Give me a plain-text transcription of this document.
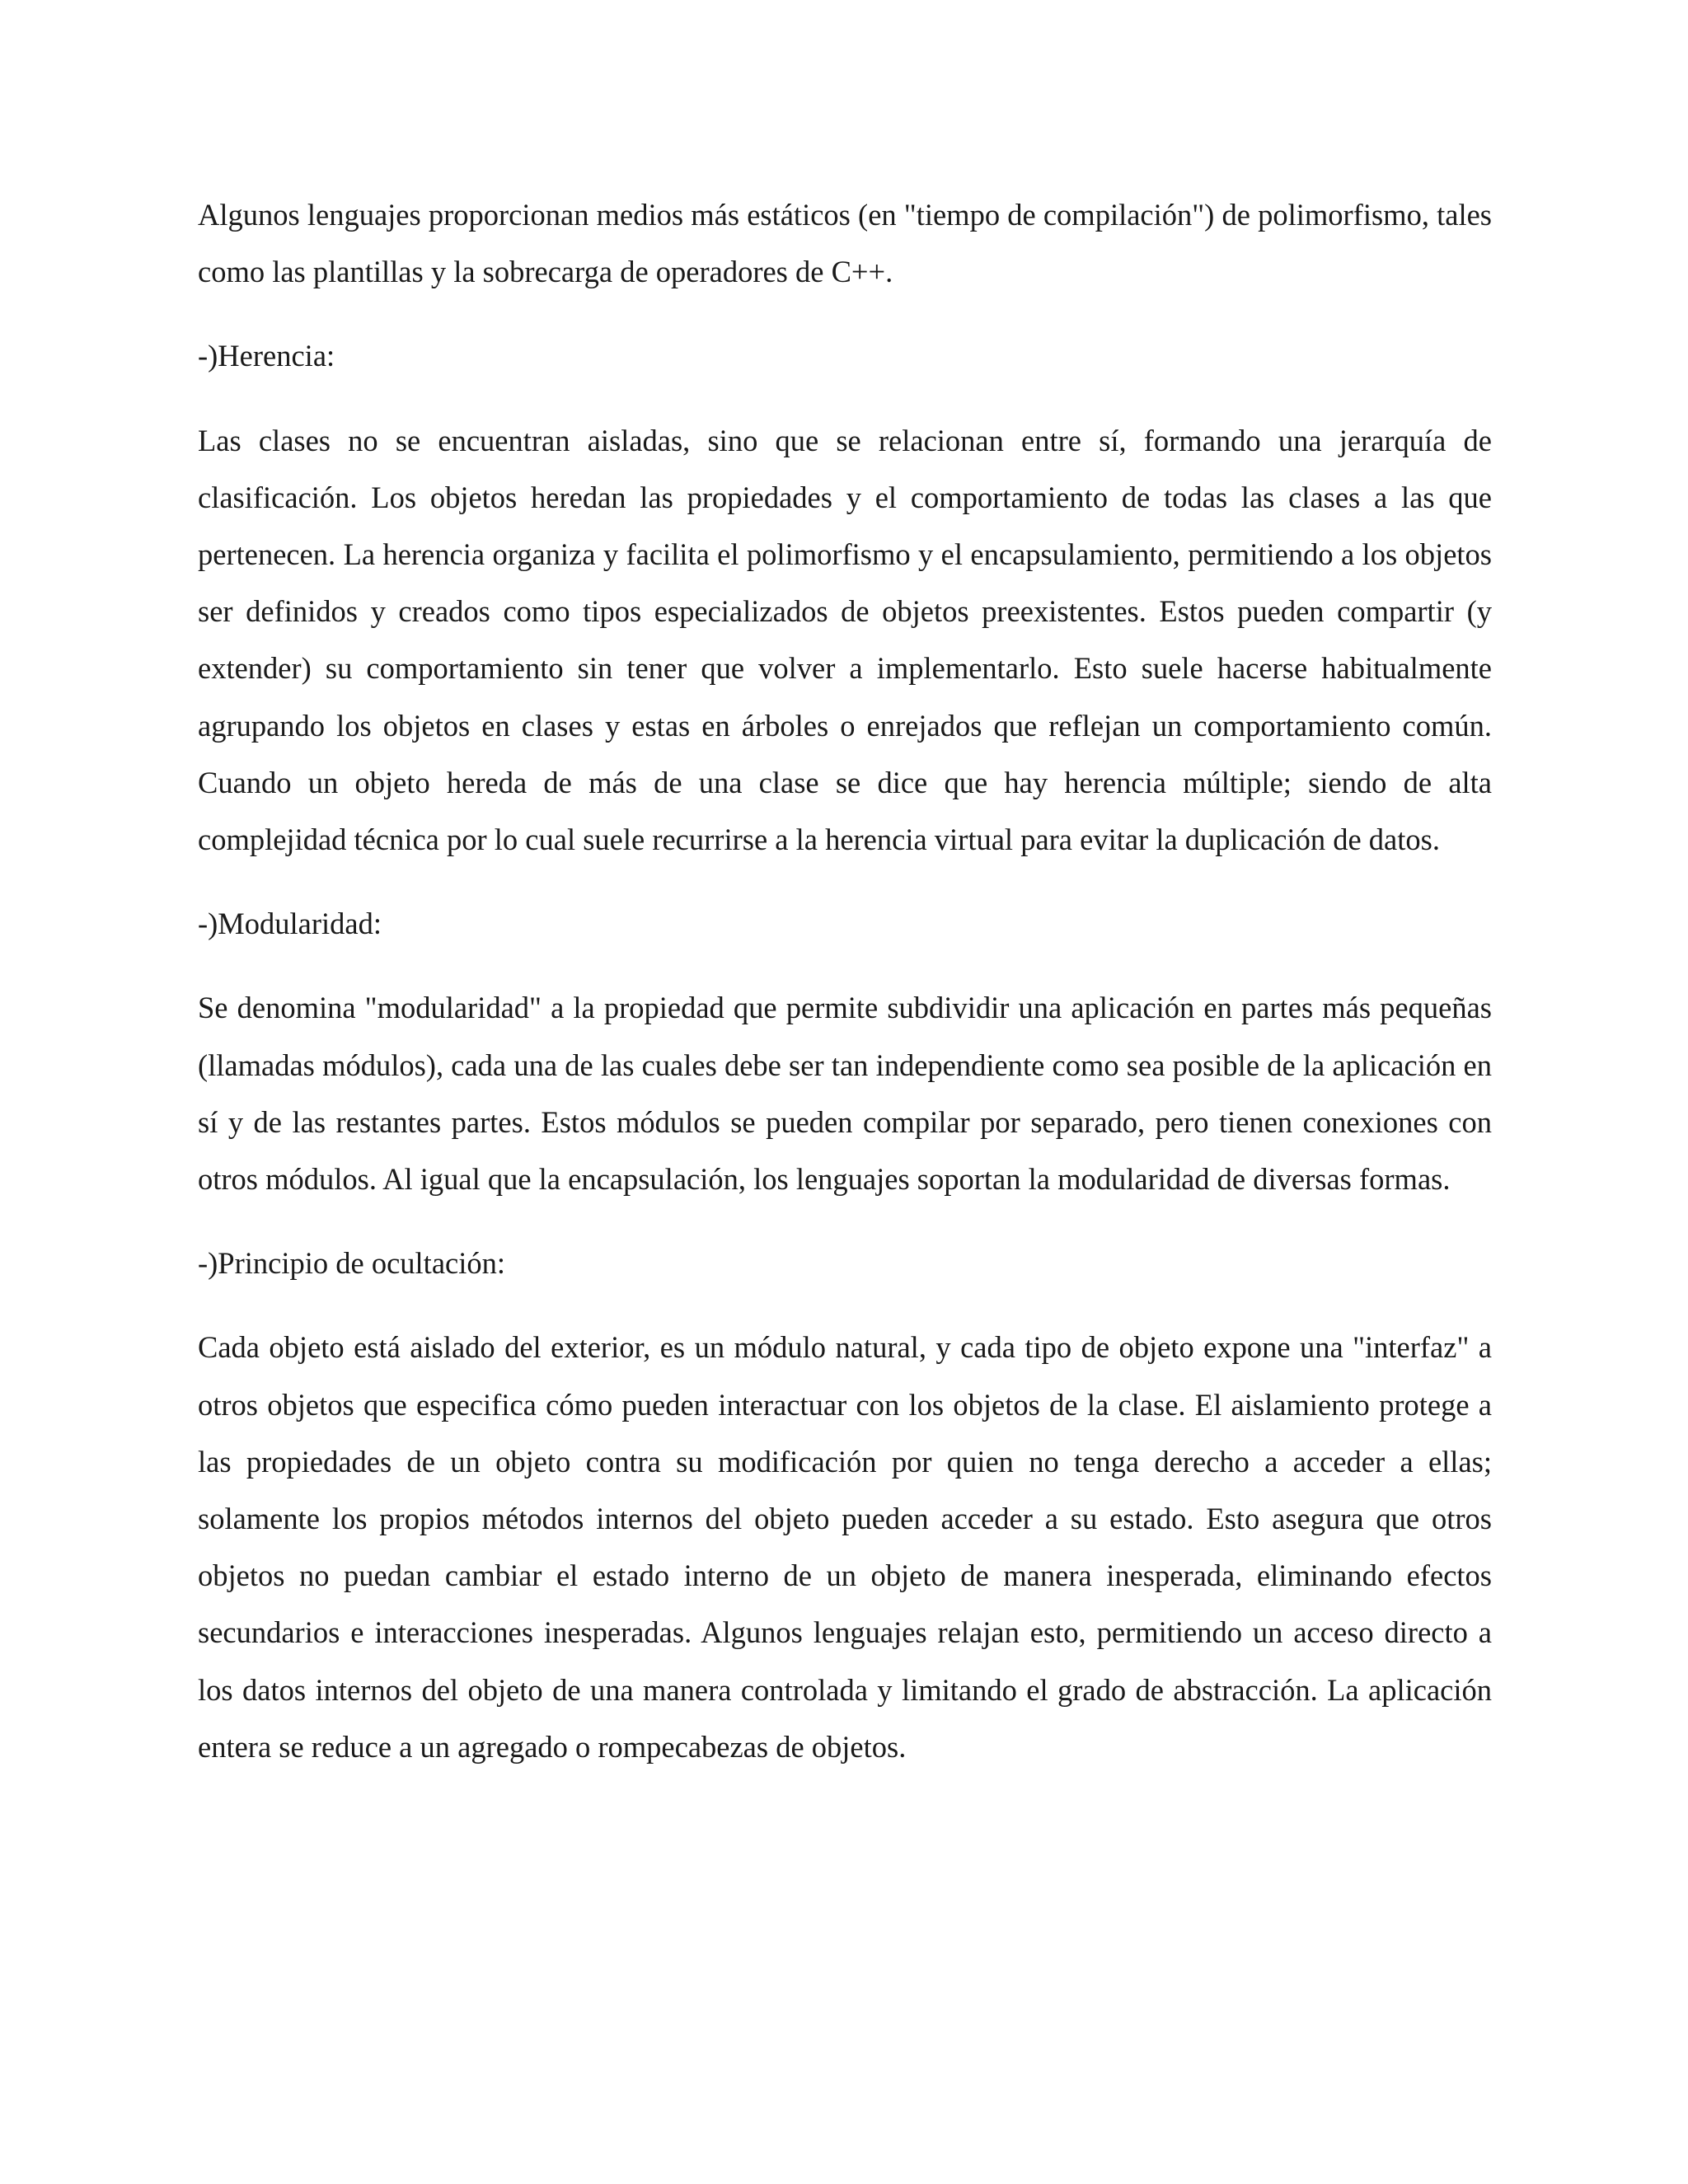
Algunos lenguajes proporcionan medios más estáticos (en "tiempo de compilación") de polimorfismo, tales como las plantillas y la sobrecarga de operadores de C++.

-)Herencia:

Las clases no se encuentran aisladas, sino que se relacionan entre sí, formando una jerarquía de clasificación. Los objetos heredan las propiedades y el comportamiento de todas las clases a las que pertenecen. La herencia organiza y facilita el polimorfismo y el encapsulamiento, permitiendo a los objetos ser definidos y creados como tipos especializados de objetos preexistentes. Estos pueden compartir (y extender) su comportamiento sin tener que volver a implementarlo. Esto suele hacerse habitualmente agrupando los objetos en clases y estas en árboles o enrejados que reflejan un comportamiento común. Cuando un objeto hereda de más de una clase se dice que hay herencia múltiple; siendo de alta complejidad técnica por lo cual suele recurrirse a la herencia virtual para evitar la duplicación de datos.

-)Modularidad:

Se denomina "modularidad" a la propiedad que permite subdividir una aplicación en partes más pequeñas (llamadas módulos), cada una de las cuales debe ser tan independiente como sea posible de la aplicación en sí y de las restantes partes. Estos módulos se pueden compilar por separado, pero tienen conexiones con otros módulos. Al igual que la encapsulación, los lenguajes soportan la modularidad de diversas formas.

-)Principio de ocultación:

Cada objeto está aislado del exterior, es un módulo natural, y cada tipo de objeto expone una "interfaz" a otros objetos que especifica cómo pueden interactuar con los objetos de la clase. El aislamiento protege a las propiedades de un objeto contra su modificación por quien no tenga derecho a acceder a ellas; solamente los propios métodos internos del objeto pueden acceder a su estado. Esto asegura que otros objetos no puedan cambiar el estado interno de un objeto de manera inesperada, eliminando efectos secundarios e interacciones inesperadas. Algunos lenguajes relajan esto, permitiendo un acceso directo a los datos internos del objeto de una manera controlada y limitando el grado de abstracción. La aplicación entera se reduce a un agregado o rompecabezas de objetos.
